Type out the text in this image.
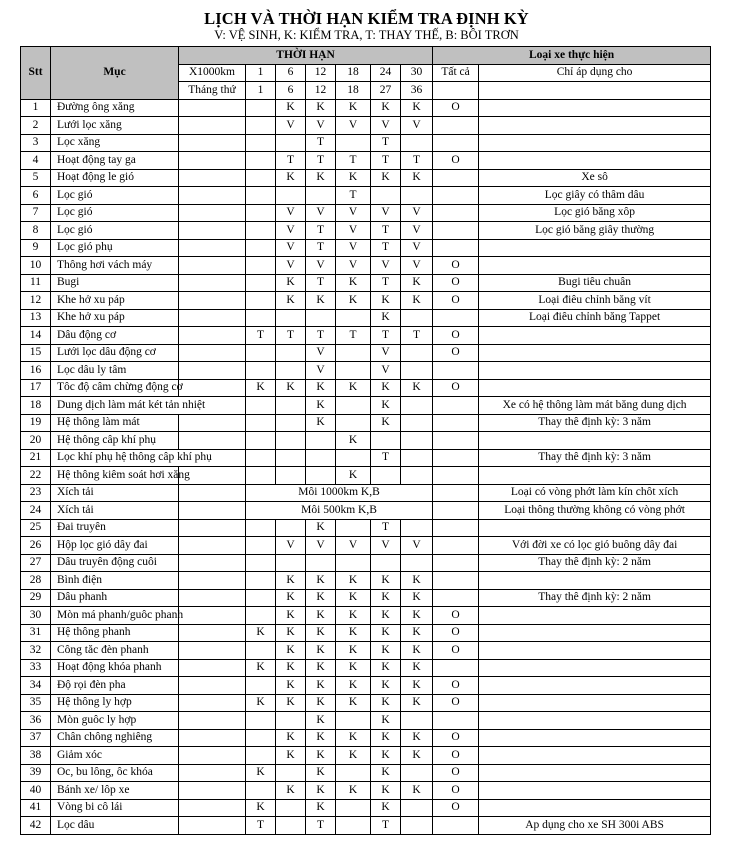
LỊCH VÀ THỜI HẠN KIỂM TRA ĐỊNH KỲ
V: VỆ SINH, K: KIỂM TRA, T: THAY THẾ, B: BÔI TRƠN
Stt	Mục	THỜI HẠN							Loại xe thực hiện	
		X1000km	1	6	12	18	24	30	Tất cả	Chỉ áp dụng cho
		Tháng thứ	1	6	12	18	27	36		
1	Đường ông xăng			K	K	K	K	K	O	
2	Lưới lọc xăng			V	V	V	V	V		
3	Lọc xăng				T		T			
4	Hoạt động tay ga			T	T	T	T	T	O	
5	Hoạt động le gió			K	K	K	K	K		Xe sô
6	Lọc gió					T				Lọc giây có thâm dâu
7	Lọc gió			V	V	V	V	V		Lọc gió băng xôp
8	Lọc gió			V	T	V	T	V		Lọc gió băng giây thường
9	Lọc gió phụ			V	T	V	T	V		
10	Thông hơi vách máy			V	V	V	V	V	O	
11	Bugi			K	T	K	T	K	O	Bugi tiêu chuân
12	Khe hở xu páp			K	K	K	K	K	O	Loại điêu chỉnh băng vít
13	Khe hở xu páp						K			Loại điêu chỉnh băng Tappet
14	Dâu động cơ		T	T	T	T	T	T	O	
15	Lưới lọc dâu động cơ				V		V		O	
16	Lọc dâu ly tâm				V		V			
17	Tôc độ câm chừng động cơ		K	K	K	K	K	K	O	
18	Dung dịch làm mát két tản nhiệt				K		K			Xe có hệ thông làm mát băng dung dịch
19	Hệ thông làm mát				K		K			Thay thê định kỳ: 3 năm
20	Hệ thông câp khí phụ					K				
21	Lọc khí phụ hệ thông câp khí phụ						T			Thay thê định kỳ: 3 năm
22	Hệ thông kiêm soát hơi xăng					K				
23	Xích tải		Môi 1000km K,B							Loại có vòng phớt làm kín chôt xích
24	Xích tải		Môi 500km K,B							Loại thông thường không có vòng phớt
25	Đai truyên				K		T			
26	Hộp lọc gió dây đai			V	V	V	V	V		Với đời xe có lọc gió buông dây đai
27	Dâu truyên động cuôi									Thay thê định kỳ: 2 năm
28	Bình điện			K	K	K	K	K		
29	Dâu phanh			K	K	K	K	K		Thay thê định kỳ: 2 năm
30	Mòn má phanh/guôc phanh			K	K	K	K	K	O	
31	Hệ thông phanh		K	K	K	K	K	K	O	
32	Công tăc đèn phanh			K	K	K	K	K	O	
33	Hoạt động khóa phanh		K	K	K	K	K	K		
34	Độ rọi đèn pha			K	K	K	K	K	O	
35	Hệ thông ly hợp		K	K	K	K	K	K	O	
36	Mòn guôc ly hợp				K		K			
37	Chân chông nghiêng			K	K	K	K	K	O	
38	Giảm xóc			K	K	K	K	K	O	
39	Oc, bu lông, ôc khóa		K		K		K		O	
40	Bánh xe/ lôp xe			K	K	K	K	K	O	
41	Vòng bi cô lái		K		K		K		O	
42	Lọc dâu		T		T		T			Ap dụng cho xe SH 300i ABS
